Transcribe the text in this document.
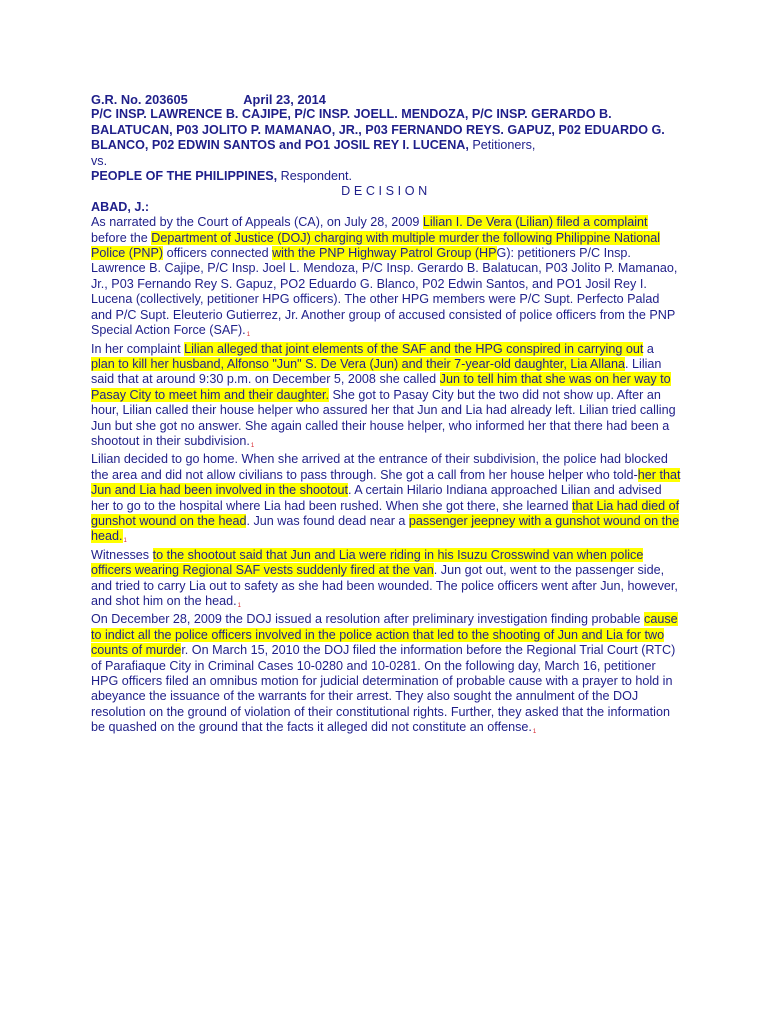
G.R. No. 203605	April 23, 2014

P/C INSP. LAWRENCE B. CAJIPE, P/C INSP. JOELL. MENDOZA, P/C INSP. GERARDO B. BALATUCAN, P03 JOLITO P. MAMANAO, JR., P03 FERNANDO REYS. GAPUZ, P02 EDUARDO G. BLANCO, P02 EDWIN SANTOS and PO1 JOSIL REY I. LUCENA, Petitioners,
vs.
PEOPLE OF THE PHILIPPINES, Respondent.

DECISION

ABAD, J.:

As narrated by the Court of Appeals (CA), on July 28, 2009 Lilian I. De Vera (Lilian) filed a complaint before the Department of Justice (DOJ) charging with multiple murder the following Philippine National Police (PNP) officers connected with the PNP Highway Patrol Group (HPG): petitioners P/C Insp. Lawrence B. Cajipe, P/C Insp. Joel L. Mendoza, P/C Insp. Gerardo B. Balatucan, P03 Jolito P. Mamanao, Jr., P03 Fernando Rey S. Gapuz, PO2 Eduardo G. Blanco, P02 Edwin Santos, and PO1 Josil Rey I. Lucena (collectively, petitioner HPG officers). The other HPG members were P/C Supt. Perfecto Palad and P/C Supt. Eleuterio Gutierrez, Jr. Another group of accused consisted of police officers from the PNP Special Action Force (SAF).1

In her complaint Lilian alleged that joint elements of the SAF and the HPG conspired in carrying out a plan to kill her husband, Alfonso "Jun" S. De Vera (Jun) and their 7-year-old daughter, Lia Allana. Lilian said that at around 9:30 p.m. on December 5, 2008 she called Jun to tell him that she was on her way to Pasay City to meet him and their daughter. She got to Pasay City but the two did not show up. After an hour, Lilian called their house helper who assured her that Jun and Lia had already left. Lilian tried calling Jun but she got no answer. She again called their house helper, who informed her that there had been a shootout in their subdivision.1

Lilian decided to go home. When she arrived at the entrance of their subdivision, the police had blocked the area and did not allow civilians to pass through. She got a call from her house helper who told-her that Jun and Lia had been involved in the shootout. A certain Hilario Indiana approached Lilian and advised her to go to the hospital where Lia had been rushed. When she got there, she learned that Lia had died of gunshot wound on the head. Jun was found dead near a passenger jeepney with a gunshot wound on the head.1

Witnesses to the shootout said that Jun and Lia were riding in his Isuzu Crosswind van when police officers wearing Regional SAF vests suddenly fired at the van. Jun got out, went to the passenger side, and tried to carry Lia out to safety as she had been wounded. The police officers went after Jun, however, and shot him on the head.1

On December 28, 2009 the DOJ issued a resolution after preliminary investigation finding probable cause to indict all the police officers involved in the police action that led to the shooting of Jun and Lia for two counts of murder. On March 15, 2010 the DOJ filed the information before the Regional Trial Court (RTC) of Parafiaque City in Criminal Cases 10-0280 and 10-0281. On the following day, March 16, petitioner HPG officers filed an omnibus motion for judicial determination of probable cause with a prayer to hold in abeyance the issuance of the warrants for their arrest. They also sought the annulment of the DOJ resolution on the ground of violation of their constitutional rights. Further, they asked that the information be quashed on the ground that the facts it alleged did not constitute an offense.1
